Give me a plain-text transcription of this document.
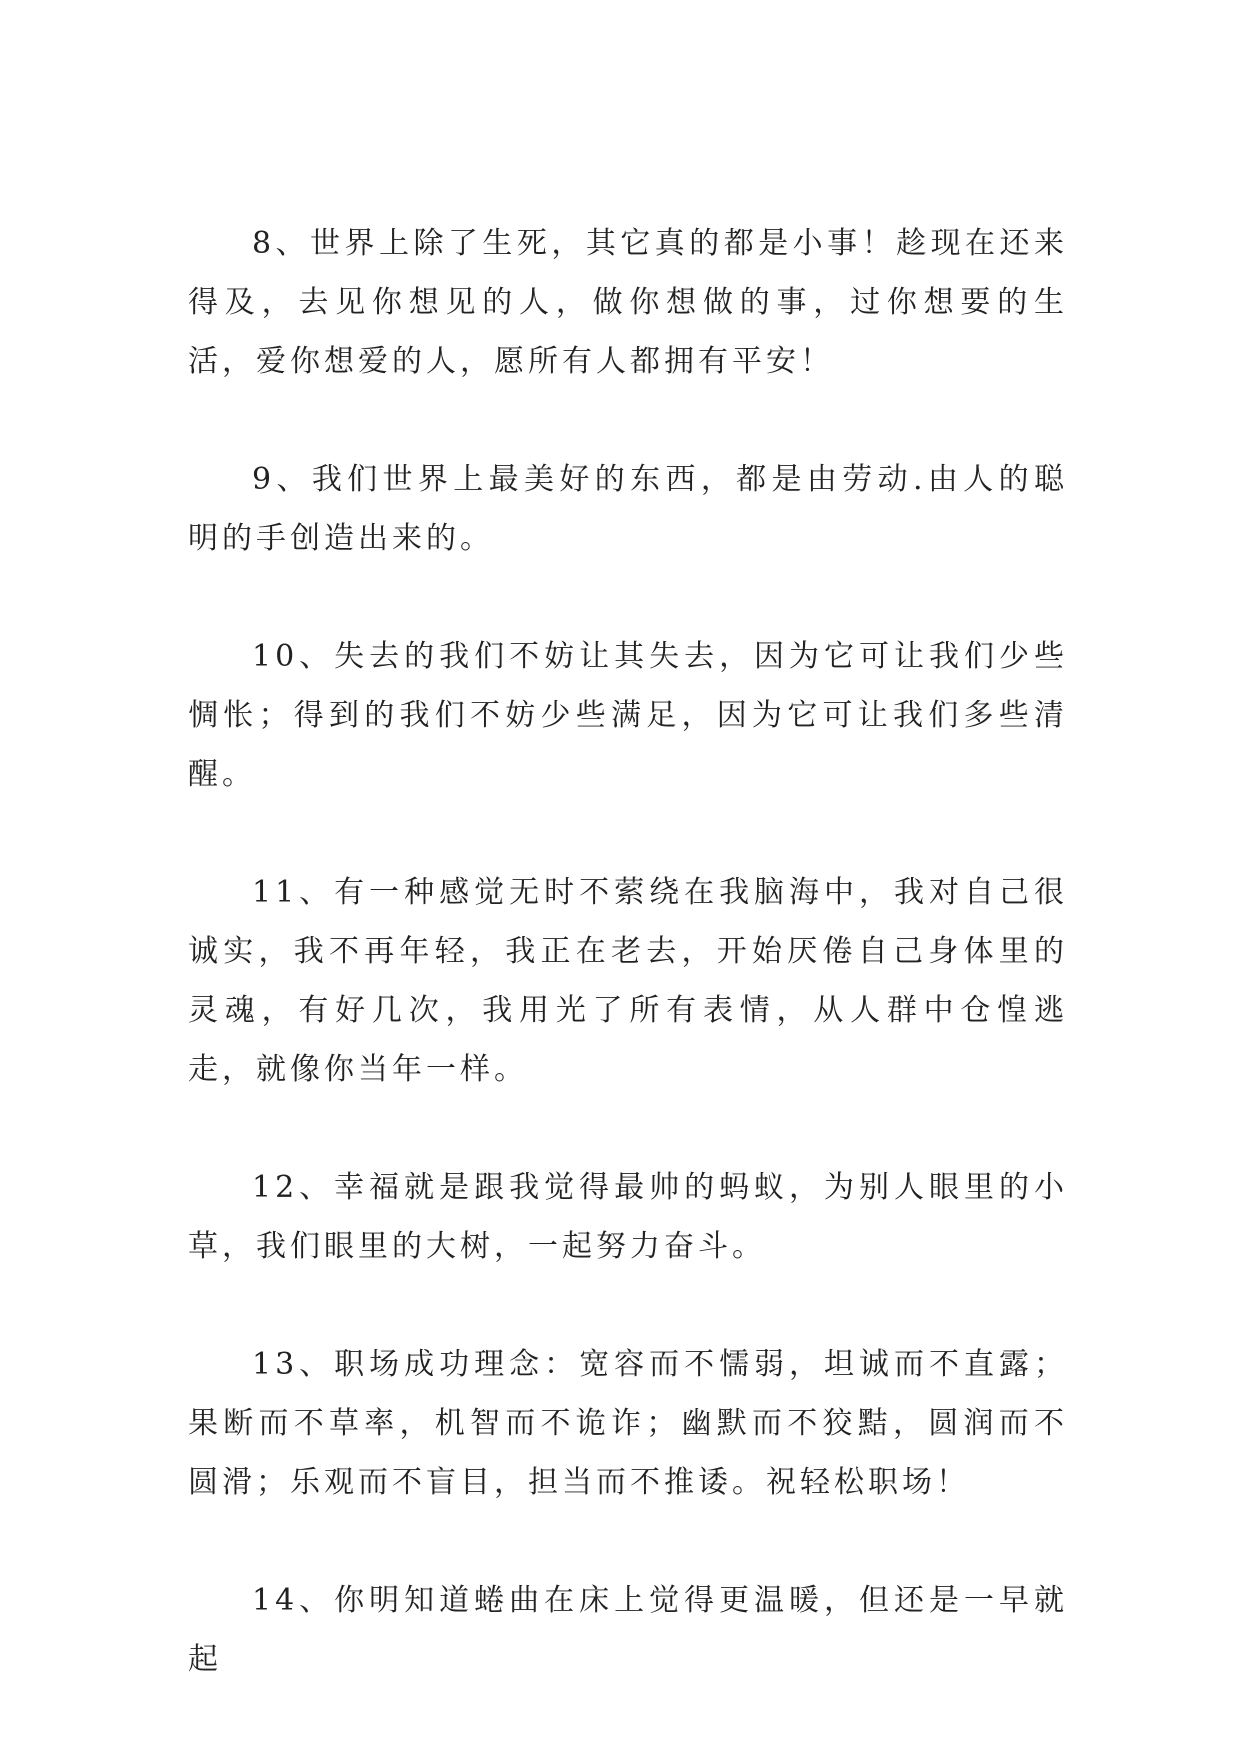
8、世界上除了生死，其它真的都是小事！趁现在还来得及，去见你想见的人，做你想做的事，过你想要的生活，爱你想爱的人，愿所有人都拥有平安！

9、我们世界上最美好的东西，都是由劳动.由人的聪明的手创造出来的。

10、失去的我们不妨让其失去，因为它可让我们少些惆怅；得到的我们不妨少些满足，因为它可让我们多些清醒。

11、有一种感觉无时不萦绕在我脑海中，我对自己很诚实，我不再年轻，我正在老去，开始厌倦自己身体里的灵魂，有好几次，我用光了所有表情，从人群中仓惶逃走，就像你当年一样。

12、幸福就是跟我觉得最帅的蚂蚁，为别人眼里的小草，我们眼里的大树，一起努力奋斗。

13、职场成功理念：宽容而不懦弱，坦诚而不直露；果断而不草率，机智而不诡诈；幽默而不狡黠，圆润而不圆滑；乐观而不盲目，担当而不推诿。祝轻松职场！

14、你明知道蜷曲在床上觉得更温暖，但还是一早就起
